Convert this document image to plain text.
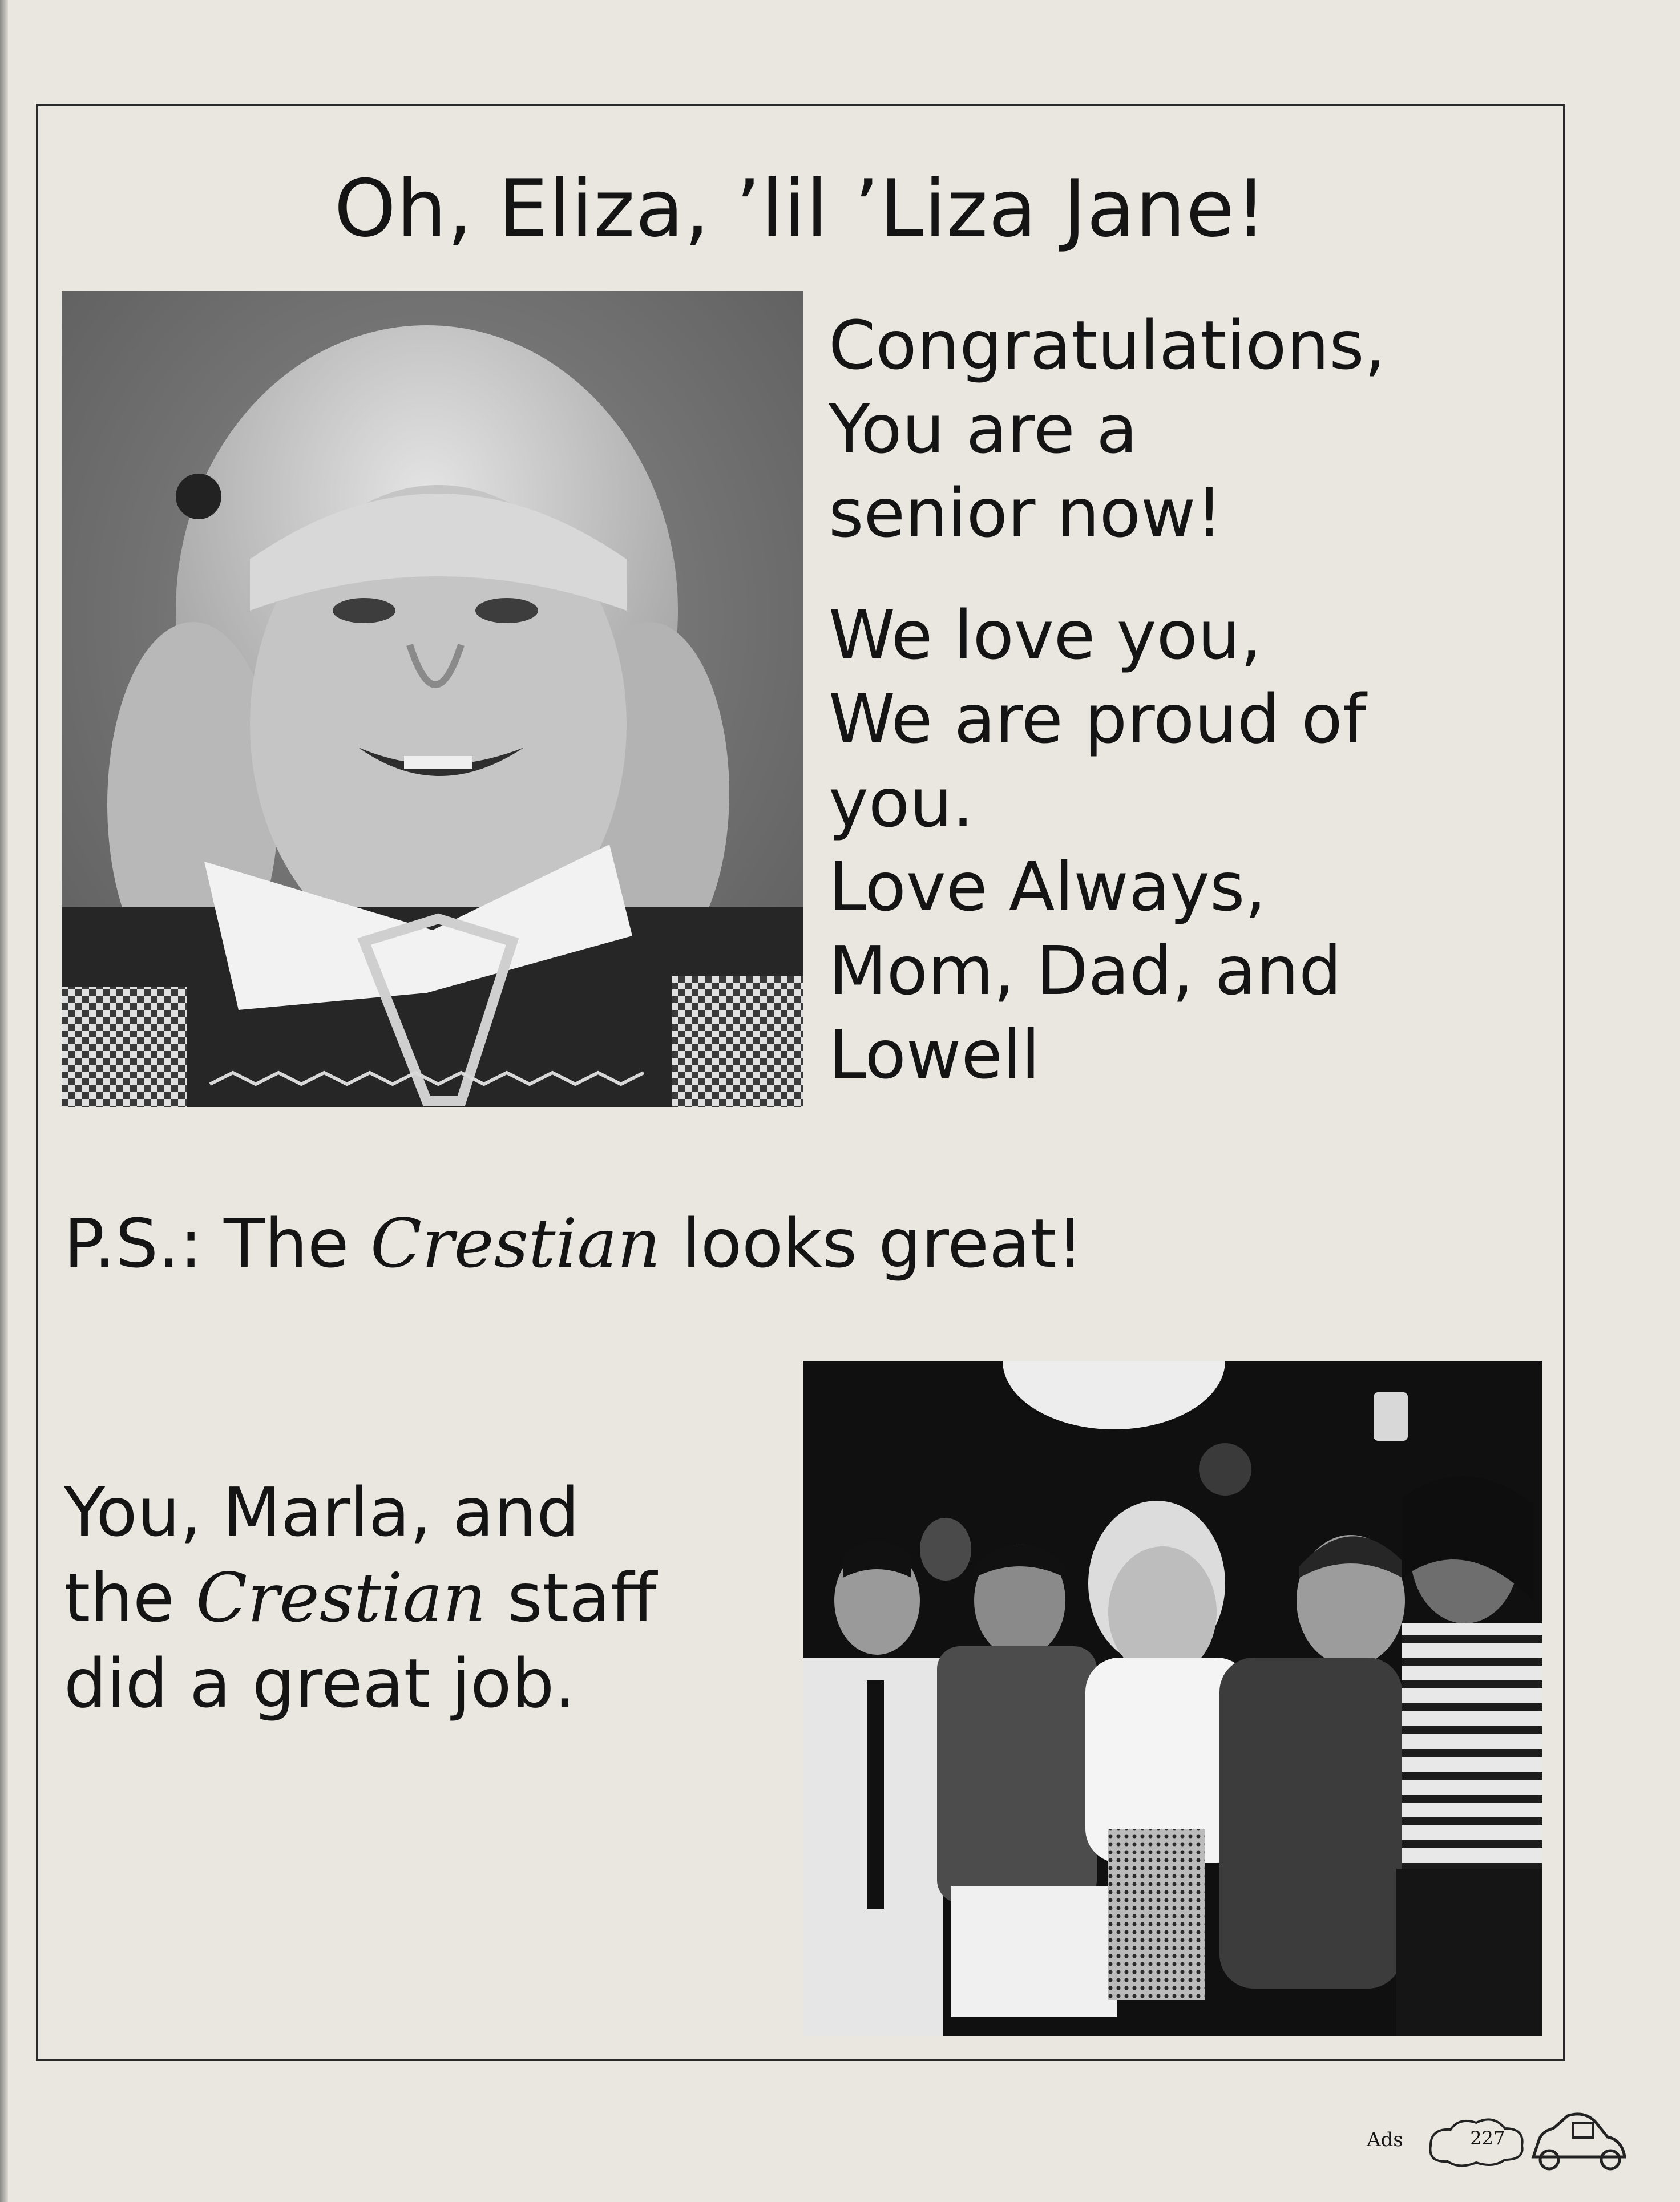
Oh, Eliza, ’lil ’Liza Jane!
Congratulations,
You are a
senior now!
We love you,
We are proud of
you.
Love Always,
Mom, Dad, and
Lowell
P.S.: The Crestian looks great!
You, Marla, and
the Crestian staff
did a great job.
Ads	227
